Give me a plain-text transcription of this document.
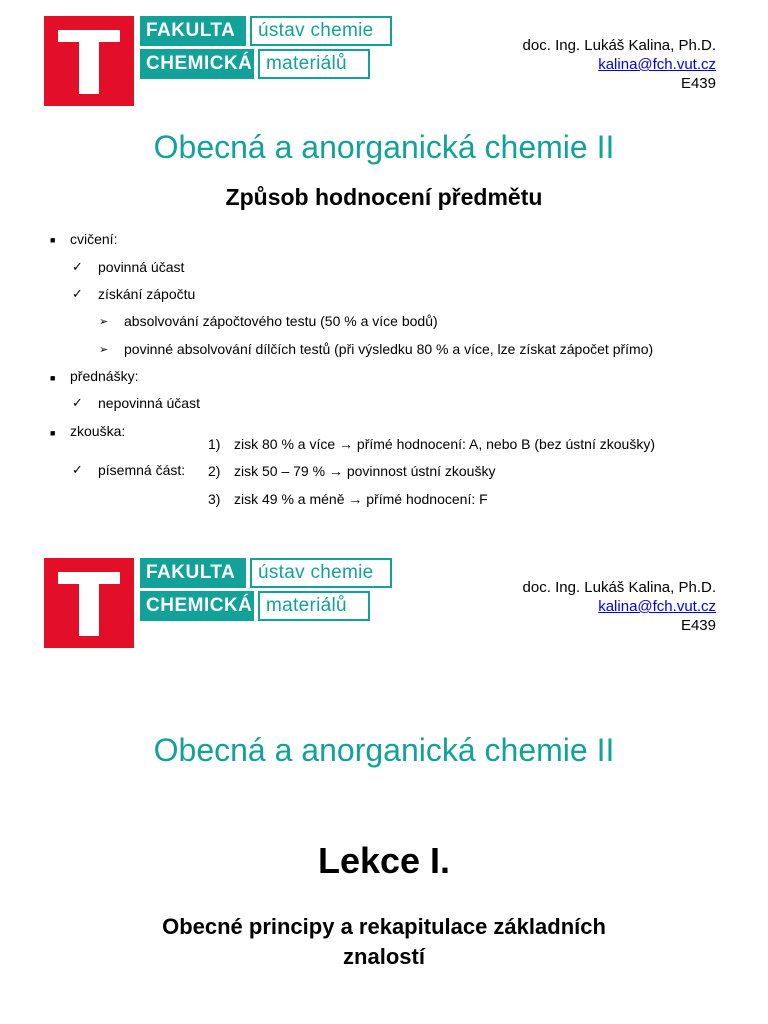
FAKULTA	ústav chemie
CHEMICKÁ materiálů
doc. Ing. Lukáš Kalina, Ph.D.
kalina@fch.vut.cz
E439
Obecná a anorganická chemie II
Způsob hodnocení předmětu
■ cvičení:
✓ povinná účast
✓ získání zápočtu
➢ absolvování zápočtového testu (50 % a více bodů)
➢ povinné absolvování dílčích testů (při výsledku 80 % a více, lze získat zápočet přímo)
■ přednášky:
✓ nepovinná účast
■ zkouška:
✓ písemná část:
1) zisk 80 % a více → přímé hodnocení: A, nebo B (bez ústní zkoušky)
2) zisk 50 – 79 % → povinnost ústní zkoušky
3) zisk 49 % a méně → přímé hodnocení: F
FAKULTA	ústav chemie
CHEMICKÁ materiálů
doc. Ing. Lukáš Kalina, Ph.D.
kalina@fch.vut.cz
E439
Obecná a anorganická chemie II
Lekce I.
Obecné principy a rekapitulace základních znalostí
